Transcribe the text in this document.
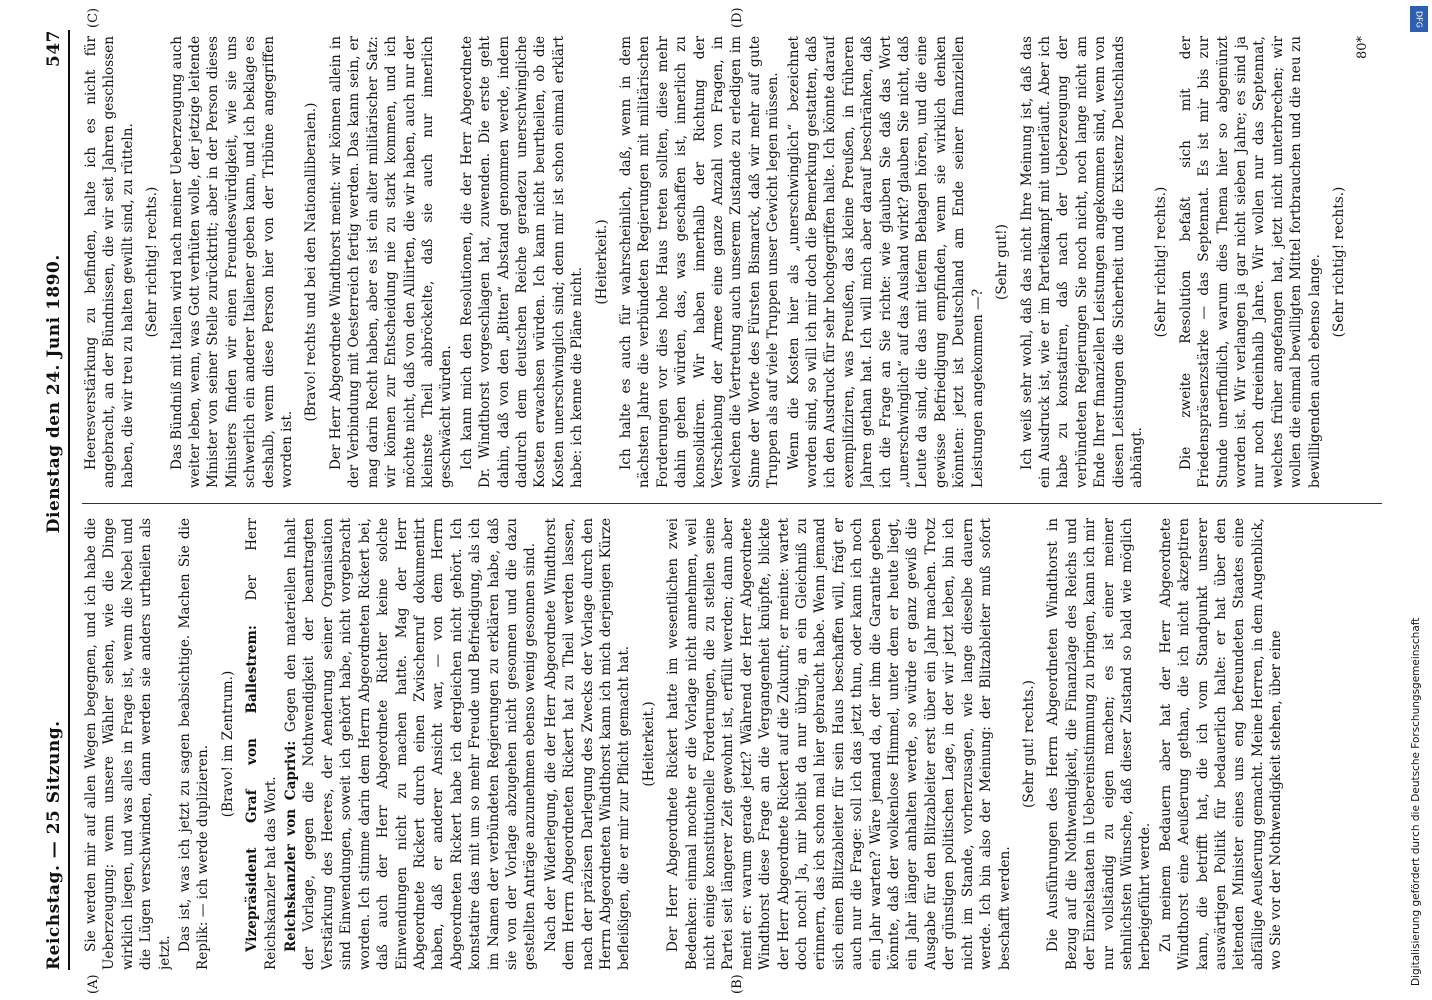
Reichstag. — 25 Sitzung.
Dienstag den 24. Juni 1890.
547

Sie werden mir auf allen Wegen begegnen, und ich habe die Ueberzeugung: wenn unsere Wähler sehen, wie die Dinge wirklich liegen, und was alles in Frage ist, wenn die Nebel und die Lügen verschwinden, dann werden sie anders urtheilen als jetzt.

Das ist, was ich jetzt zu sagen beabsichtige. Machen Sie die Replik: — ich werde duplizieren.

(Bravo! im Zentrum.) Vizepräsident Graf von Ballestrem: Der Herr Reichskanzler hat das Wort. Reichskanzler von Caprivi: Gegen den materiellen Inhalt der Vorlage, gegen die Nothwendigkeit der beantragten Verstärkung des Heeres, der Aenderung seiner Organisation sind Einwendungen, soweit ich gehört habe, nicht vorgebracht worden. Ich stimme darin dem Herrn Abgeordneten Rickert bei, daß auch der Herr Abgeordnete Richter keine solche Einwendungen nicht zu machen hatte. Mag der Herr Abgeordnete Rickert durch einen Zwischenruf dokumentirt haben, daß er anderer Ansicht war, — von dem Herrn Abgeordneten Rickert habe ich dergleichen nicht gehört. Ich konstatire das mit um so mehr Freude und Befriedigung, als ich im Namen der verbündeten Regierungen zu erklären habe, daß sie von der Vorlage abzugehen nicht gesonnen und die dazu gestellten Anträge anzunehmen ebenso wenig gesonnen sind. Nach der Widerlegung, die der Herr Abgeordnete Windthorst dem Herrn Abgeordneten Rickert hat zu Theil werden lassen, nach der präzisen Darlegung des Zwecks der Vorlage durch den Herrn Abgeordneten Windthorst kann ich mich derjenigen Kürze befleißigen, die er mir zur Pflicht gemacht hat. (Heiterkeit.) Der Herr Abgeordnete Rickert hatte im wesentlichen zwei Bedenken: einmal mochte er die Vorlage nicht annehmen, weil nicht einige konstitutionelle Forderungen, die zu stellen seine Partei seit längerer Zeit gewohnt ist, erfüllt werden; dann aber meint er: warum gerade jetzt? Während der Herr Abgeordnete Windthorst diese Frage an die Vergangenheit knüpfte, blickte der Herr Abgeordnete Rickert auf die Zukunft; er meinte: wartet doch noch! Ja, mir bleibt da nur übrig, an ein Gleichniß zu erinnern, das ich schon mal hier gebraucht habe. Wenn jemand sich einen Blitzableiter für sein Haus beschaffen will, frägt er auch nur die Frage: soll ich das jetzt thun, oder kann ich noch ein Jahr warten? Wäre jemand da, der ihm die Garantie geben könnte, daß der wolkenlose Himmel, unter dem er heute liegt, ein Jahr länger anhalten werde, so würde er ganz gewiß die Ausgabe für den Blitzableiter erst über ein Jahr machen. Trotz der günstigen politischen Lage, in der wir jetzt leben, bin ich nicht im Stande, vorherzusagen, wie lange dieselbe dauern werde. Ich bin also der Meinung: der Blitzableiter muß sofort beschafft werden.

(Sehr gut! rechts.) Die Ausführungen des Herrn Abgeordneten Windthorst in Bezug auf die Nothwendigkeit, die Finanzlage des Reichs und der Einzelstaaten in Uebereinstimmung zu bringen, kann ich mir nur vollständig zu eigen machen; es ist einer meiner sehnlichsten Wünsche, daß dieser Zustand so bald wie möglich herbeigeführt werde. Zu meinem Bedauern aber hat der Herr Abgeordnete Windthorst eine Aeußerung gethan, die ich nicht akzeptiren kann, die betrifft hat, die ich vom Standpunkt unserer auswärtigen Politik für bedauerlich halte: er hat über den leitenden Minister eines uns eng befreundeten Staates eine abfällige Aeußerung gemacht. Meine Herren, in dem Augenblick, wo Sie vor der Nothwendigkeit stehen, über eine

Heeresverstärkung zu befinden, halte ich es nicht für angebracht, an der Bündnissen, die wir seit Jahren geschlossen haben, die wir treu zu halten gewillt sind, zu rütteln. (Sehr richtig! rechts.) Das Bündniß mit Italien wird nach meiner Ueberzeugung auch weiter leben, wenn, was Gott verhüten wolle, der jetzige leitende Minister von seiner Stelle zurücktritt; aber in der Person dieses Ministers finden wir einen Freundeswürdigkeit, wie sie uns schwerlich ein anderer Italiener geben kann, und ich beklage es deshalb, wenn diese Person hier von der Tribüne angegriffen worden ist.

(Bravo! rechts und bei den Nationalliberalen.) Der Herr Abgeordnete Windthorst meint: wir können allein in der Verbindung mit Oesterreich fertig werden. Das kann sein, er mag darin Recht haben, aber es ist ein alter militärischer Satz: wir können zur Entscheidung nie zu stark kommen, und ich möchte nicht, daß von den Alliirten, die wir haben, auch nur der kleinste Theil abbröckelte, daß sie auch nur innerlich geschwächt würden. Ich kann mich den Resolutionen, die der Herr Abgeordnete Dr. Windthorst vorgeschlagen hat, zuwenden. Die erste geht dahin, daß von den „Bitten“ Abstand genommen werde, indem dadurch dem deutschen Reiche geradezu unerschwingliche Kosten erwachsen würden. Ich kann nicht beurtheilen, ob die Kosten unerschwinglich sind; denn mir ist schon einmal erklärt habe: ich kenne die Pläne nicht.

(Heiterkeit.) Ich halte es auch für wahrscheinlich, daß, wenn in dem nächsten Jahre die verbündeten Regierungen mit militärischen Forderungen vor dies hohe Haus treten sollten, diese mehr dahin gehen würden, das, was geschaffen ist, innerlich zu konsolidiren. Wir haben innerhalb der Richtung der Verschiebung der Armee eine ganze Anzahl von Fragen, in welchen die Vertretung auch unserem Zustande zu erledigen im Sinne der Worte des Fürsten Bismarck, daß wir mehr auf gute Truppen als auf viele Truppen unser Gewicht legen müssen. Wenn die Kosten hier als „unerschwinglich“ bezeichnet worden sind, so will ich mir doch die Bemerkung gestatten, daß ich den Ausdruck für sehr hochgegriffen halte. Ich könnte darauf exemplifiziren, was Preußen, das kleine Preußen, in früheren Jahren gethan hat. Ich will mich aber darauf beschränken, daß ich die Frage an Sie richte: wie glauben Sie daß das Wort „unerschwinglich“ auf das Ausland wirkt? glauben Sie nicht, daß Leute da sind, die das mit tiefem Behagen hören, und die eine gewisse Befriedigung empfinden, wenn sie wirklich denken könnten: jetzt ist Deutschland am Ende seiner finanziellen Leistungen angekommen —?

(Sehr gut!) Ich weiß sehr wohl, daß das nicht Ihre Meinung ist, daß das ein Ausdruck ist, wie er im Parteikampf mit unterläuft. Aber ich habe zu konstatiren, daß nach der Ueberzeugung der verbündeten Regierungen Sie noch nicht, noch lange nicht am Ende Ihrer finanziellen Leistungen angekommen sind, wenn von diesen Leistungen die Sicherheit und die Existenz Deutschlands abhängt.

(Sehr richtig! rechts.) Die zweite Resolution befaßt sich mit der Friedenspräsenzstärke — das Septennat. Es ist mir bis zur Stunde unerfindlich, warum dies Thema hier so abgemünzt worden ist. Wir verlangen ja gar nicht sieben Jahre; es sind ja nur noch dreieinhalb Jahre. Wir wollen nur das Septennat, welches früher angefangen hat, jetzt nicht unterbrechen; wir wollen die einmal bewilligten Mittel fortbrauchen und die neu zu bewilligenden auch ebenso lange. (Sehr richtig! rechts.)

80*
(A)	(B)
(C)	(D)
Digitalisierung gefördert durch die Deutsche Forschungsgemeinschaft
DFG
